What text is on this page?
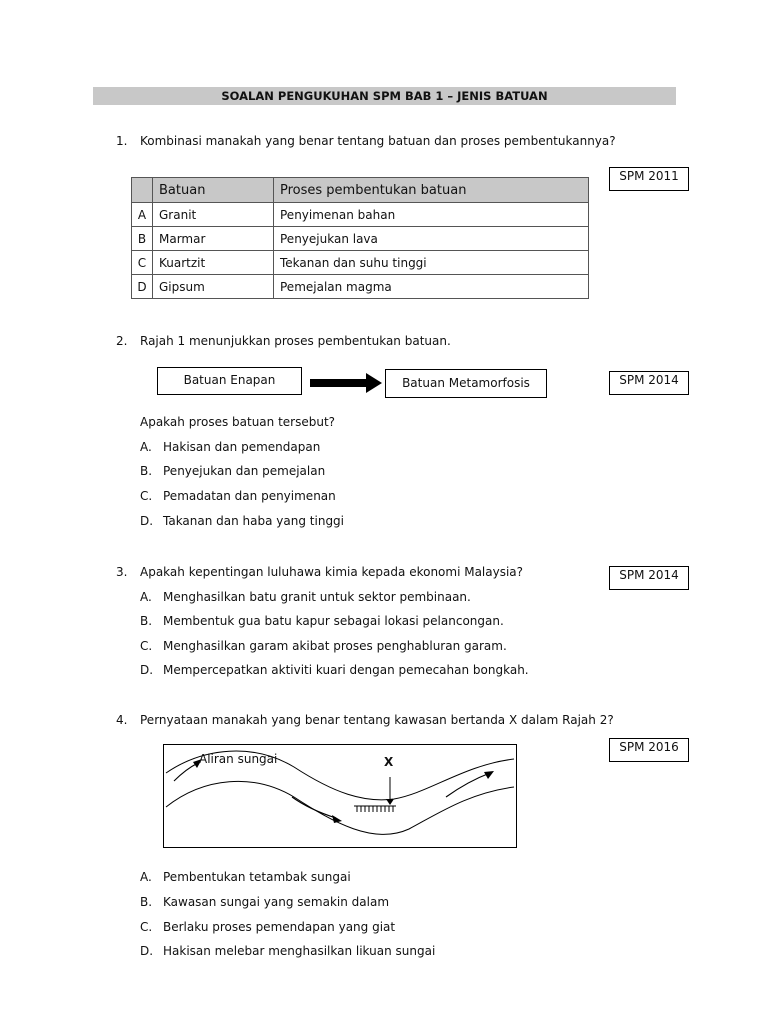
SOALAN PENGUKUHAN SPM BAB 1 – JENIS BATUAN
1. Kombinasi manakah yang benar tentang batuan dan proses pembentukannya?
SPM 2011
	Batuan	Proses pembentukan batuan
A	Granit	Penyimenan bahan
B	Marmar	Penyejukan lava
C	Kuartzit	Tekanan dan suhu tinggi
D	Gipsum	Pemejalan magma
2. Rajah 1 menunjukkan proses pembentukan batuan.
Batuan Enapan	Batuan Metamorfosis	SPM 2014
Apakah proses batuan tersebut?
A. Hakisan dan pemendapan
B. Penyejukan dan pemejalan
C. Pemadatan dan penyimenan
D. Takanan dan haba yang tinggi
3. Apakah kepentingan luluhawa kimia kepada ekonomi Malaysia?	SPM 2014
A. Menghasilkan batu granit untuk sektor pembinaan.
B. Membentuk gua batu kapur sebagai lokasi pelancongan.
C. Menghasilkan garam akibat proses penghabluran garam.
D. Mempercepatkan aktiviti kuari dengan pemecahan bongkah.
4. Pernyataan manakah yang benar tentang kawasan bertanda X dalam Rajah 2?
SPM 2016
Aliran sungai	X
A. Pembentukan tetambak sungai
B. Kawasan sungai yang semakin dalam
C. Berlaku proses pemendapan yang giat
D. Hakisan melebar menghasilkan likuan sungai
